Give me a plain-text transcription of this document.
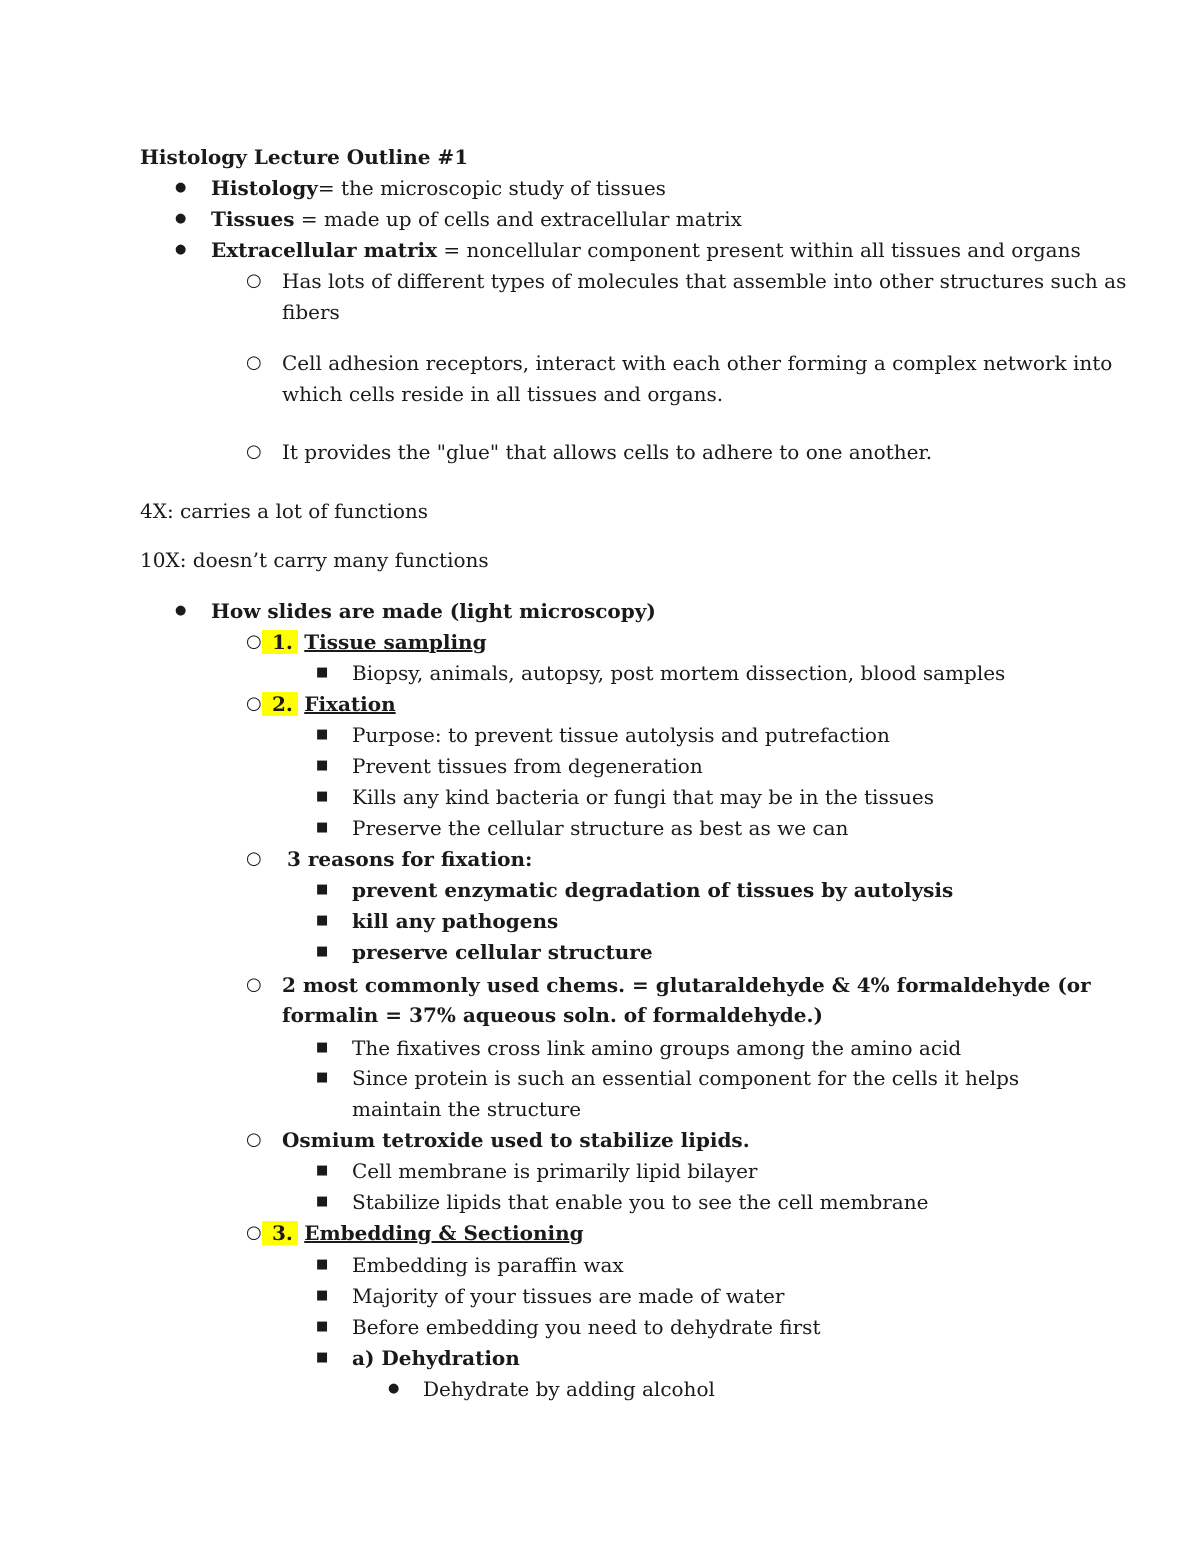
Histology Lecture Outline #1
● Histology= the microscopic study of tissues
● Tissues = made up of cells and extracellular matrix
● Extracellular matrix = noncellular component present within all tissues and organs
○ Has lots of different types of molecules that assemble into other structures such as
fibers
○ Cell adhesion receptors, interact with each other forming a complex network into
which cells reside in all tissues and organs.
○ It provides the "glue" that allows cells to adhere to one another.
4X: carries a lot of functions
10X: doesn’t carry many functions
● How slides are made (light microscopy)
○ 1. Tissue sampling
■ Biopsy, animals, autopsy, post mortem dissection, blood samples
○ 2. Fixation
■ Purpose: to prevent tissue autolysis and putrefaction
■ Prevent tissues from degeneration
■ Kills any kind bacteria or fungi that may be in the tissues
■ Preserve the cellular structure as best as we can
○ 3 reasons for fixation:
■ prevent enzymatic degradation of tissues by autolysis
■ kill any pathogens
■ preserve cellular structure
○ 2 most commonly used chems. = glutaraldehyde & 4% formaldehyde (or
formalin = 37% aqueous soln. of formaldehyde.)
■ The fixatives cross link amino groups among the amino acid
■ Since protein is such an essential component for the cells it helps
maintain the structure
○ Osmium tetroxide used to stabilize lipids.
■ Cell membrane is primarily lipid bilayer
■ Stabilize lipids that enable you to see the cell membrane
○ 3. Embedding & Sectioning
■ Embedding is paraffin wax
■ Majority of your tissues are made of water
■ Before embedding you need to dehydrate first
■ a) Dehydration
● Dehydrate by adding alcohol
